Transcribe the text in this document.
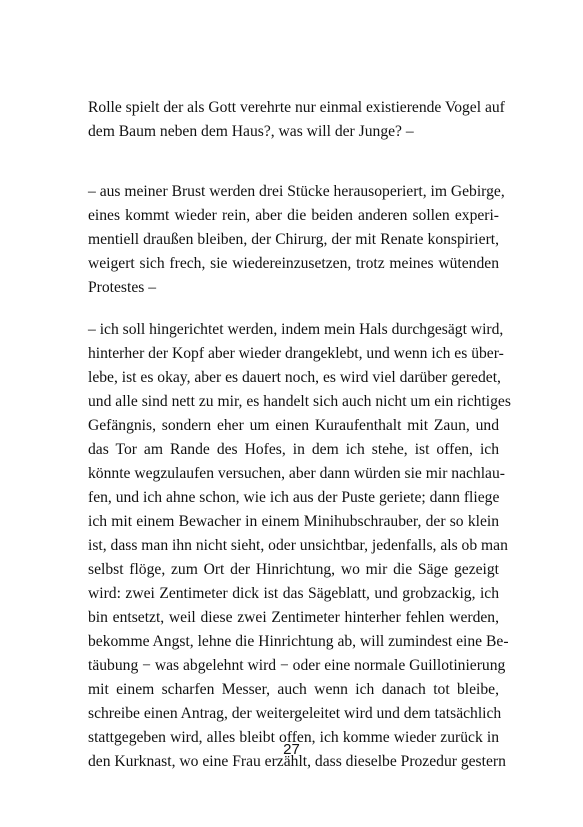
Rolle spielt der als Gott verehrte nur einmal existierende Vogel auf
dem Baum neben dem Haus?, was will der Junge? –
– aus meiner Brust werden drei Stücke herausoperiert, im Gebirge,
eines kommt wieder rein, aber die beiden anderen sollen experi-
mentiell draußen bleiben, der Chirurg, der mit Renate konspiriert,
weigert sich frech, sie wiedereinzusetzen, trotz meines wütenden
Protestes –
– ich soll hingerichtet werden, indem mein Hals durchgesägt wird,
hinterher der Kopf aber wieder drangeklebt, und wenn ich es über-
lebe, ist es okay, aber es dauert noch, es wird viel darüber geredet,
und alle sind nett zu mir, es handelt sich auch nicht um ein richtiges
Gefängnis, sondern eher um einen Kuraufenthalt mit Zaun, und
das Tor am Rande des Hofes, in dem ich stehe, ist offen, ich
könnte wegzulaufen versuchen, aber dann würden sie mir nachlau-
fen, und ich ahne schon, wie ich aus der Puste geriete; dann fliege
ich mit einem Bewacher in einem Minihubschrauber, der so klein
ist, dass man ihn nicht sieht, oder unsichtbar, jedenfalls, als ob man
selbst flöge, zum Ort der Hinrichtung, wo mir die Säge gezeigt
wird: zwei Zentimeter dick ist das Sägeblatt, und grobzackig, ich
bin entsetzt, weil diese zwei Zentimeter hinterher fehlen werden,
bekomme Angst, lehne die Hinrichtung ab, will zumindest eine Be-
täubung − was abgelehnt wird − oder eine normale Guillotinierung
mit einem scharfen Messer, auch wenn ich danach tot bleibe,
schreibe einen Antrag, der weitergeleitet wird und dem tatsächlich
stattgegeben wird, alles bleibt offen, ich komme wieder zurück in
den Kurknast, wo eine Frau erzählt, dass dieselbe Prozedur gestern
27
